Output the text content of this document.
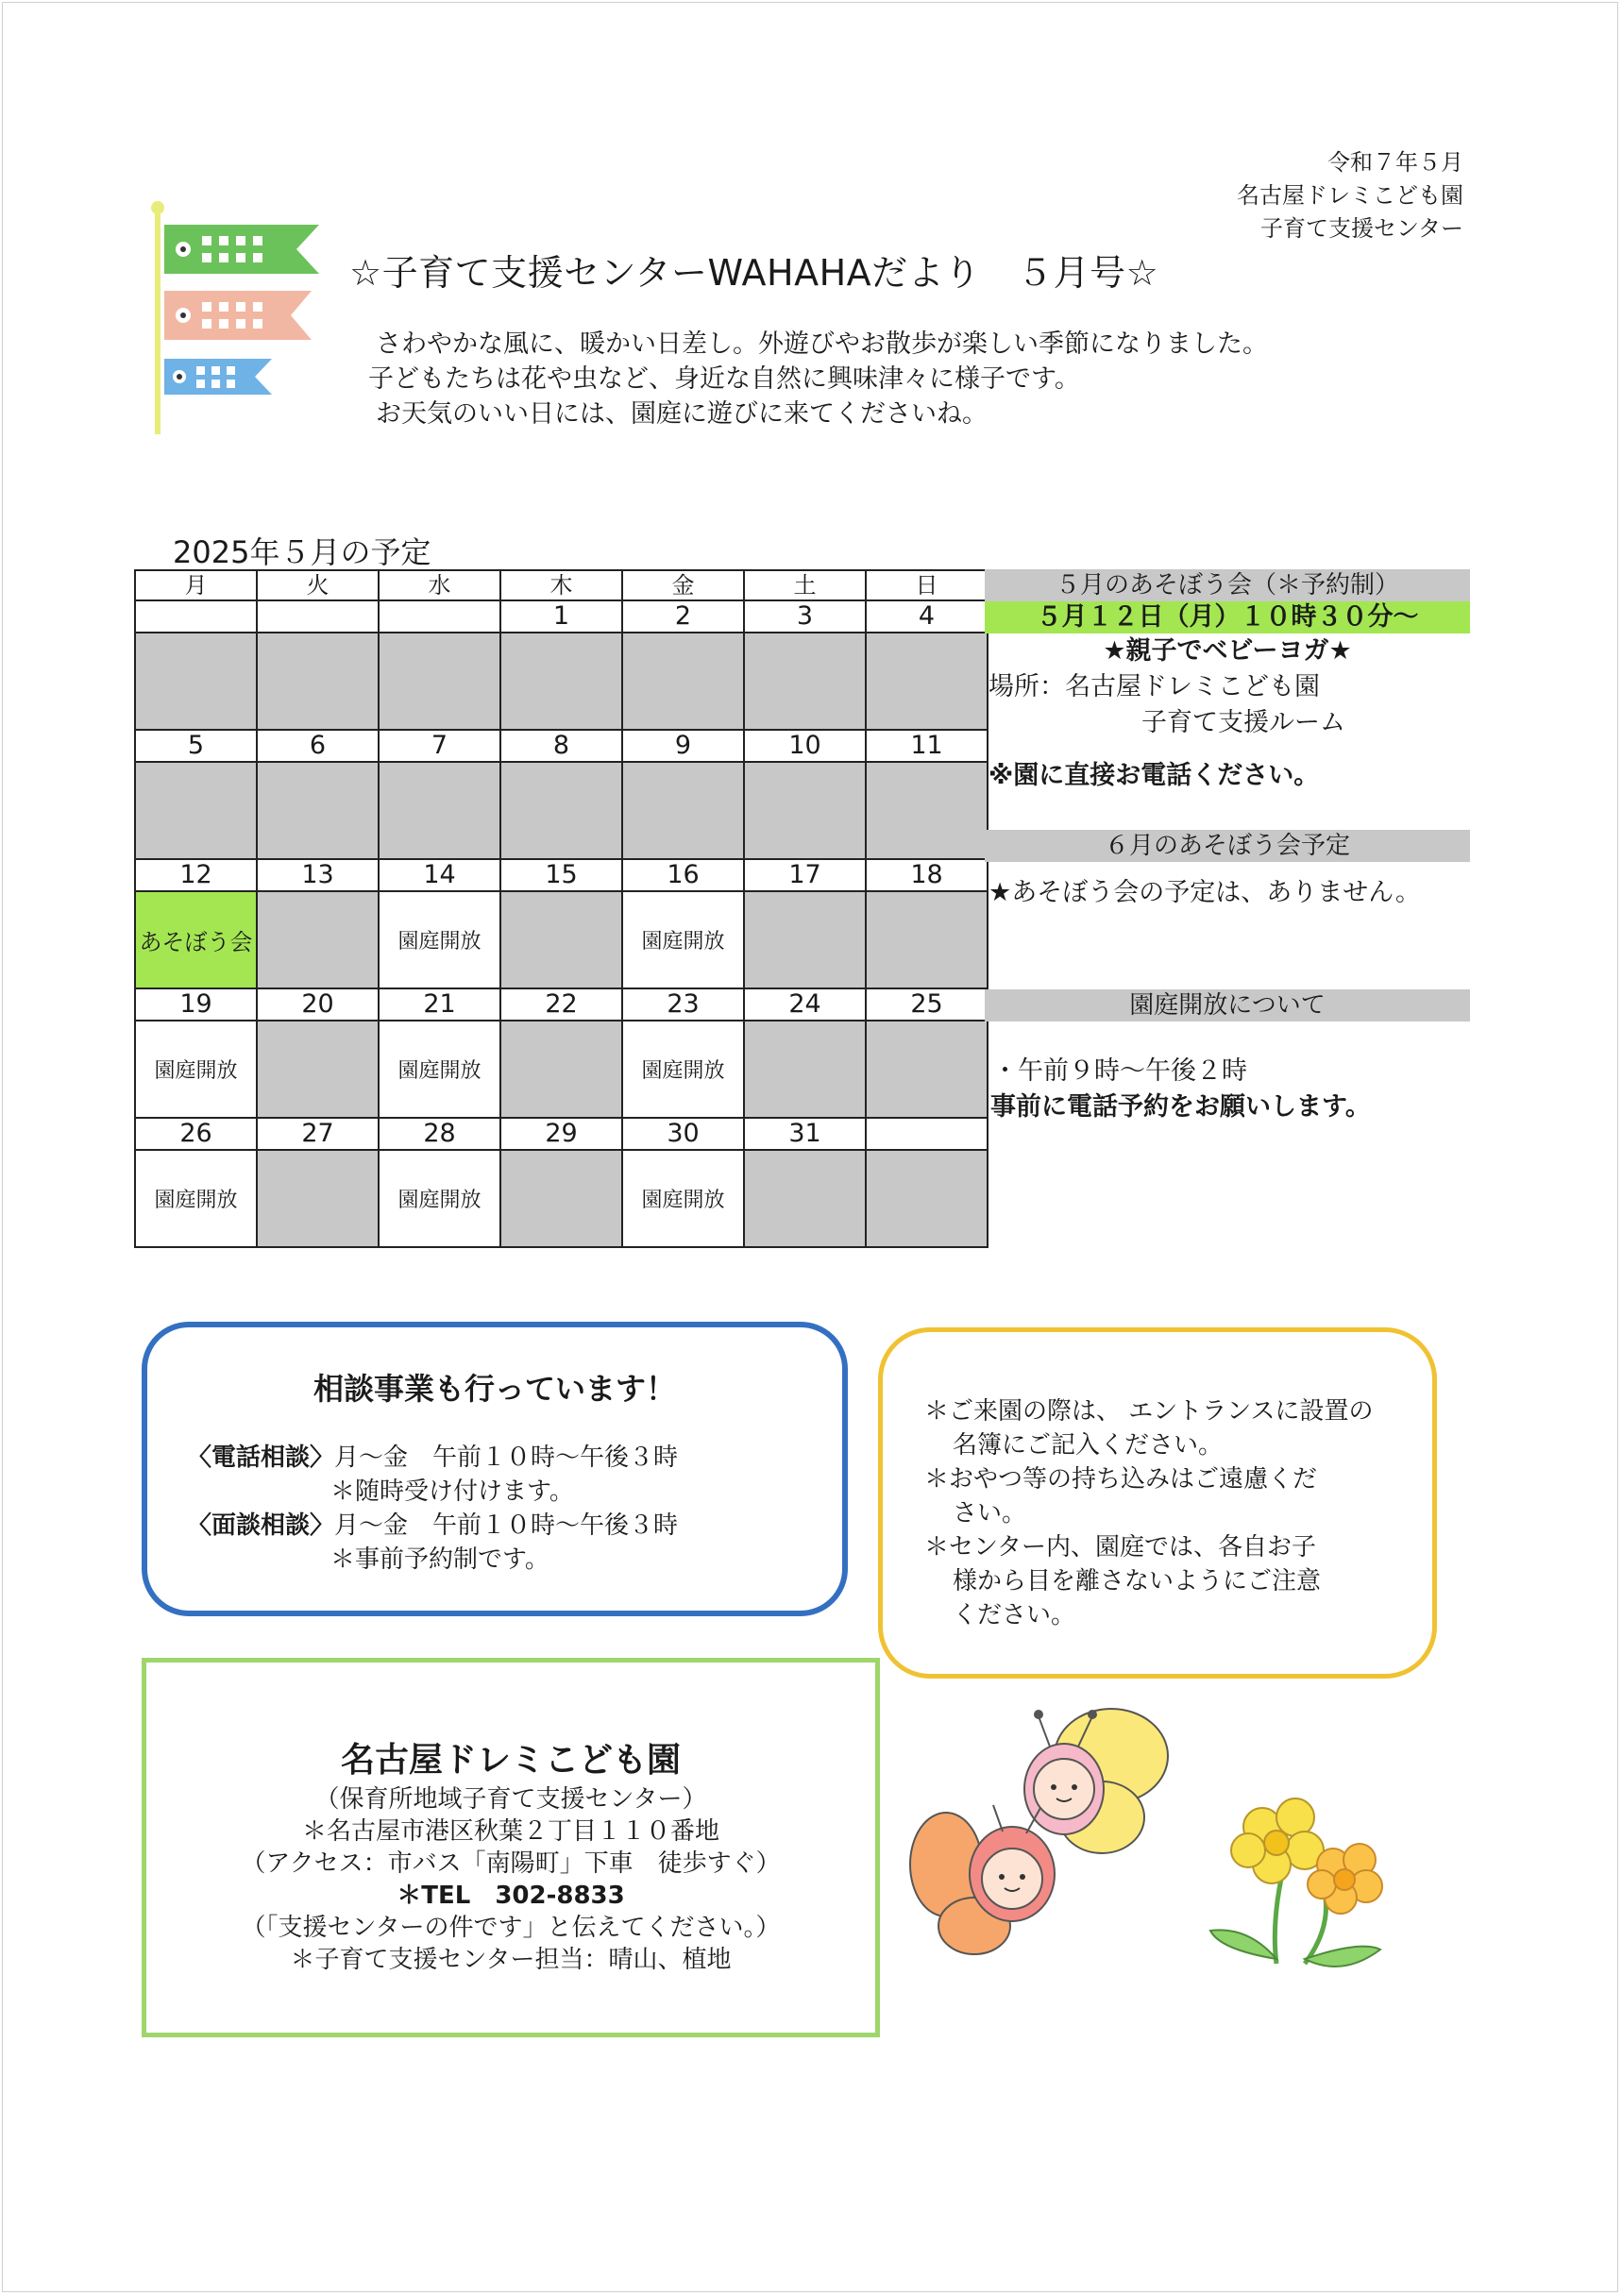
令和７年５月
名古屋ドレミこども園
子育て支援センター
☆子育て支援センターWAHAHAだより　５月号☆
さわやかな風に、暖かい日差し。外遊びやお散歩が楽しい季節になりました。
子どもたちは花や虫など、身近な自然に興味津々に様子です。
お天気のいい日には、園庭に遊びに来てくださいね。
2025年５月の予定
月	火	水	木	金	土	日
			1	2	3	4

5	6	7	8	9	10	11

12	13	14	15	16	17	18
あそぼう会		園庭開放		園庭開放		
19	20	21	22	23	24	25
園庭開放		園庭開放		園庭開放		
26	27	28	29	30	31	
園庭開放		園庭開放		園庭開放		
５月のあそぼう会（＊予約制）
５月１２日（月）１０時３０分～
★親子でベビーヨガ★
場所：名古屋ドレミこども園
子育て支援ルーム
※園に直接お電話ください。
６月のあそぼう会予定
★あそぼう会の予定は、ありません。
園庭開放について
・午前９時～午後２時
事前に電話予約をお願いします。
相談事業も行っています！
〈電話相談〉月～金　午前１０時～午後３時
＊随時受け付けます。
〈面談相談〉月～金　午前１０時～午後３時
＊事前予約制です。
＊ご来園の際は、 エントランスに設置の
名簿にご記入ください。
＊おやつ等の持ち込みはご遠慮くだ
さい。
＊センター内、園庭では、各自お子
様から目を離さないようにご注意
ください。
名古屋ドレミこども園
（保育所地域子育て支援センター）
＊名古屋市港区秋葉２丁目１１０番地
（アクセス：市バス「南陽町」下車　徒歩すぐ）
＊TEL　302-8833
（「支援センターの件です」と伝えてください。）
＊子育て支援センター担当：晴山、植地
